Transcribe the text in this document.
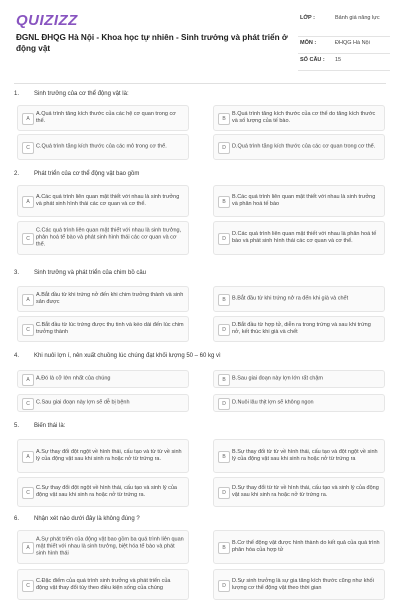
QUIZIZZ
ĐGNL ĐHQG Hà Nội - Khoa học tự nhiên - Sinh trưởng và phát triển ở động vật
LỚP :	Bảnh giá năng lực
MÔN :	ĐHQG Hà Nội
SỐ CÂU : 15
1. Sinh trưởng của cơ thể động vật là:
A
A.Quá trình tăng kích thước của các hệ cơ quan trong cơ thể.	B
B.Quá trình tăng kích thước của cơ thể do tăng kích thước và số lượng của tế bào.
C	C.Quá trình tăng kích thước của các mô trong cơ thể.	D	D.Quá trình tăng kích thước của các cơ quan trong cơ thể.
2. Phát triển của cơ thể động vật bao gồm
A
A.Các quá trình liên quan mật thiết với nhau là sinh trưởng và phát sinh hình thái các cơ quan và cơ thể.	B
B.Các quá trình liên quan mật thiết với nhau là sinh trưởng và phân hoá tế bào
C
C.Các quá trình liên quan mật thiết với nhau là sinh trưởng, phân hoá tế bào và phát sinh hình thái các cơ quan và cơ thể.
D
D.Các quá trình liên quan mật thiết với nhau là phân hoá tế bào và phát sinh hình thái các cơ quan và cơ thể.
3. Sinh trưởng và phát triển của chim bồ câu
A
A.Bắt đầu từ khi trứng nở đến khi chim trưởng thành và sinh sản được	B	B.Bắt đầu từ khi trứng nở ra đến khi già và chết
C
C.Bắt đầu từ lúc trứng được thụ tinh và kéo dài đến lúc chim trưởng thành	D
D.Bắt đầu từ hợp tử, diễn ra trong trứng và sau khi trứng nở, kết thúc khi già và chết
4. Khi nuôi lợn í, nên xuất chuồng lúc chúng đạt khối lượng 50 – 60 kg vì
A	A.Đó là cỡ lớn nhất của chúng	B	B.Sau giai đoạn này lợn lớn rất chậm
C	C.Sau giai đoạn này lợn sẽ dễ bị bệnh	D	D.Nuôi lâu thịt lợn sẽ không ngon
5. Biến thái là:
A
A.Sự thay đổi đột ngột về hình thái, cấu tạo và từ từ về sinh lý của động vật sau khi sinh ra hoặc nở từ trứng ra.	B
B.Sự thay đổi từ từ về hình thái, cấu tạo và đột ngột về sinh lý của động vật sau khi sinh ra hoặc nở từ trứng ra
C
C.Sự thay đổi đột ngột về hình thái, cấu tạo và sinh lý của động vật sau khi sinh ra hoặc nở từ trứng ra.	D
D.Sự thay đổi từ từ về hình thái, cấu tạo và sinh lý của động vật sau khi sinh ra hoặc nở từ trứng ra.
6. Nhận xét nào dưới đây là không đúng ?
A
A.Sự phát triển của động vật bao gồm ba quá trình liên quan mật thiết với nhau là sinh trưởng, biệt hóa tế bào và phát sinh hình thái
B
B.Cơ thể động vật được hình thành do kết quả của quá trình phân hóa của hợp tử
C
C.Đặc điểm của quá trình sinh trưởng và phát triển của động vật thay đổi tùy theo điều kiện sống của chúng	D
D.Sự sinh trưởng là sự gia tăng kích thước cũng như khối lượng cơ thể động vật theo thời gian
